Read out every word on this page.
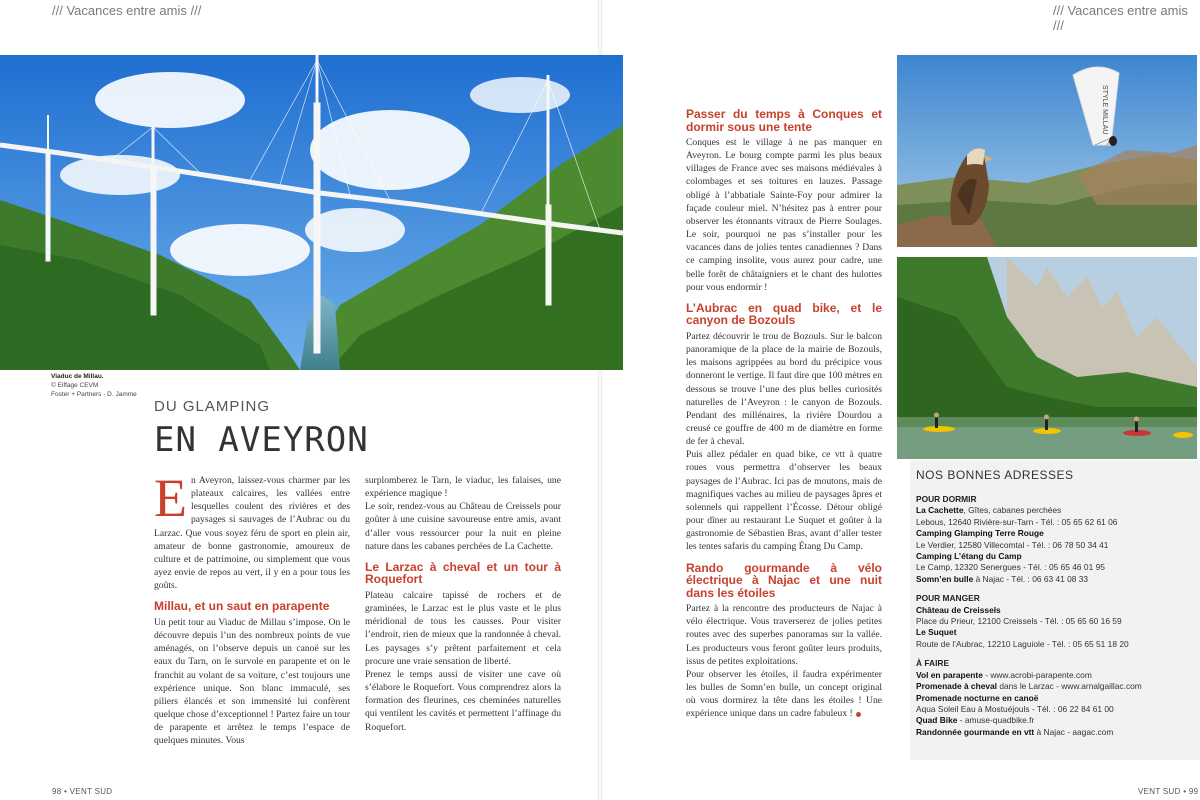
/// Vacances entre amis ///	/// Vacances entre amis ///
Viaduc de Millau.
© Eiffage CEVM
Foster + Partners - D. Jamme
DU GLAMPING
EN AVEYRON
E n Aveyron, laissez-vous charmer par les plateaux calcaires, les vallées entre lesquelles coulent des rivières et des paysages si sauvages de l’Aubrac ou du Larzac. Que vous soyez féru de sport en plein air, amateur de bonne gastronomie, amoureux de culture et de patrimoine, ou simplement que vous ayez envie de repos au vert, il y en a pour tous les goûts.

Millau, et un saut en parapente

Un petit tour au Viaduc de Millau s’impose. On le découvre depuis l’un des nombreux points de vue aménagés, on l’observe depuis un canoë sur les eaux du Tarn, on le survole en parapente et on le franchit au volant de sa voiture, c’est toujours une expérience unique. Son blanc immaculé, ses piliers élancés et son immensité lui confèrent quelque chose d’exceptionnel ! Partez faire un tour de parapente et arrêtez le temps l’espace de quelques minutes. Vous

surplomberez le Tarn, le viaduc, les falaises, une expérience magique !

Le soir, rendez-vous au Château de Creissels pour goûter à une cuisine savoureuse entre amis, avant d’aller vous ressourcer pour la nuit en pleine nature dans les cabanes perchées de La Cachette.

Le Larzac à cheval et un tour à Roquefort

Plateau calcaire tapissé de rochers et de graminées, le Larzac est le plus vaste et le plus méridional de tous les causses. Pour visiter l’endroit, rien de mieux que la randonnée à cheval. Les paysages s’y prêtent parfaitement et cela procure une vraie sensation de liberté.

Prenez le temps aussi de visiter une cave où s’élabore le Roquefort. Vous comprendrez alors la formation des fleurines, ces cheminées naturelles qui ventilent les cavités et permettent l’affinage du Roquefort.

Passer du temps à Conques et dormir sous une tente

Conques est le village à ne pas manquer en Aveyron. Le bourg compte parmi les plus beaux villages de France avec ses maisons médiévales à colombages et ses toitures en lauzes. Passage obligé à l’abbatiale Sainte-Foy pour admirer la façade couleur miel. N’hésitez pas à entrer pour observer les étonnants vitraux de Pierre Soulages. Le soir, pourquoi ne pas s’installer pour les vacances dans de jolies tentes canadiennes ? Dans ce camping insolite, vous aurez pour cadre, une belle forêt de châtaigniers et le chant des hulottes pour vous endormir !

L’Aubrac en quad bike, et le canyon de Bozouls

Partez découvrir le trou de Bozouls. Sur le balcon panoramique de la place de la mairie de Bozouls, les maisons agrippées au bord du précipice vous donneront le vertige. Il faut dire que 100 mètres en dessous se trouve l’une des plus belles curiosités naturelles de l’Aveyron : le canyon de Bozouls. Pendant des millénaires, la rivière Dourdou a creusé ce gouffre de 400 m de diamètre en forme de fer à cheval.

Puis allez pédaler en quad bike, ce vtt à quatre roues vous permettra d’observer les beaux paysages de l’Aubrac. Ici pas de moutons, mais de magnifiques vaches au milieu de paysages âpres et solennels qui rappellent l’Écosse. Détour obligé pour dîner au restaurant Le Suquet et goûter à la gastronomie de Sébastien Bras, avant d’aller tester les tentes safaris du camping Étang Du Camp.

Rando gourmande à vélo électrique à Najac et une nuit dans les étoiles

Partez à la rencontre des producteurs de Najac à vélo électrique. Vous traverserez de jolies petites routes avec des superbes panoramas sur la vallée. Les producteurs vous feront goûter leurs produits, issus de petites exploitations.

Pour observer les étoiles, il faudra expérimenter les bulles de Somn’en bulle, un concept original où vous dormirez la tête dans les étoiles ! Une expérience unique dans un cadre fabuleux !

STYLE MILLAU
NOS BONNES ADRESSES
POUR DORMIR
La Cachette, Gîtes, cabanes perchées
Lebous, 12640 Rivière-sur-Tarn - Tél. : 05 65 62 61 06
Camping Glamping Terre Rouge
Le Verdier, 12580 Villecomtal - Tél. : 06 78 50 34 41
Camping L’étang du Camp
Le Camp, 12320 Senergues - Tél. : 05 65 46 01 95
Somn’en bulle à Najac - Tél. : 06 63 41 08 33
POUR MANGER
Château de Creissels
Place du Prieur, 12100 Creissels - Tél. : 05 65 60 16 59
Le Suquet
Route de l’Aubrac, 12210 Laguiole - Tél. : 05 65 51 18 20
À FAIRE
Vol en parapente - www.acrobi-parapente.com
Promenade à cheval dans le Larzac - www.arnalgaillac.com
Promenade nocturne en canoë
Aqua Soleil Eau à Mostuéjouls - Tél. : 06 22 84 61 00
Quad Bike - amuse-quadbike.fr
Randonnée gourmande en vtt à Najac - aagac.com
98 • VENT SUD	VENT SUD • 99
